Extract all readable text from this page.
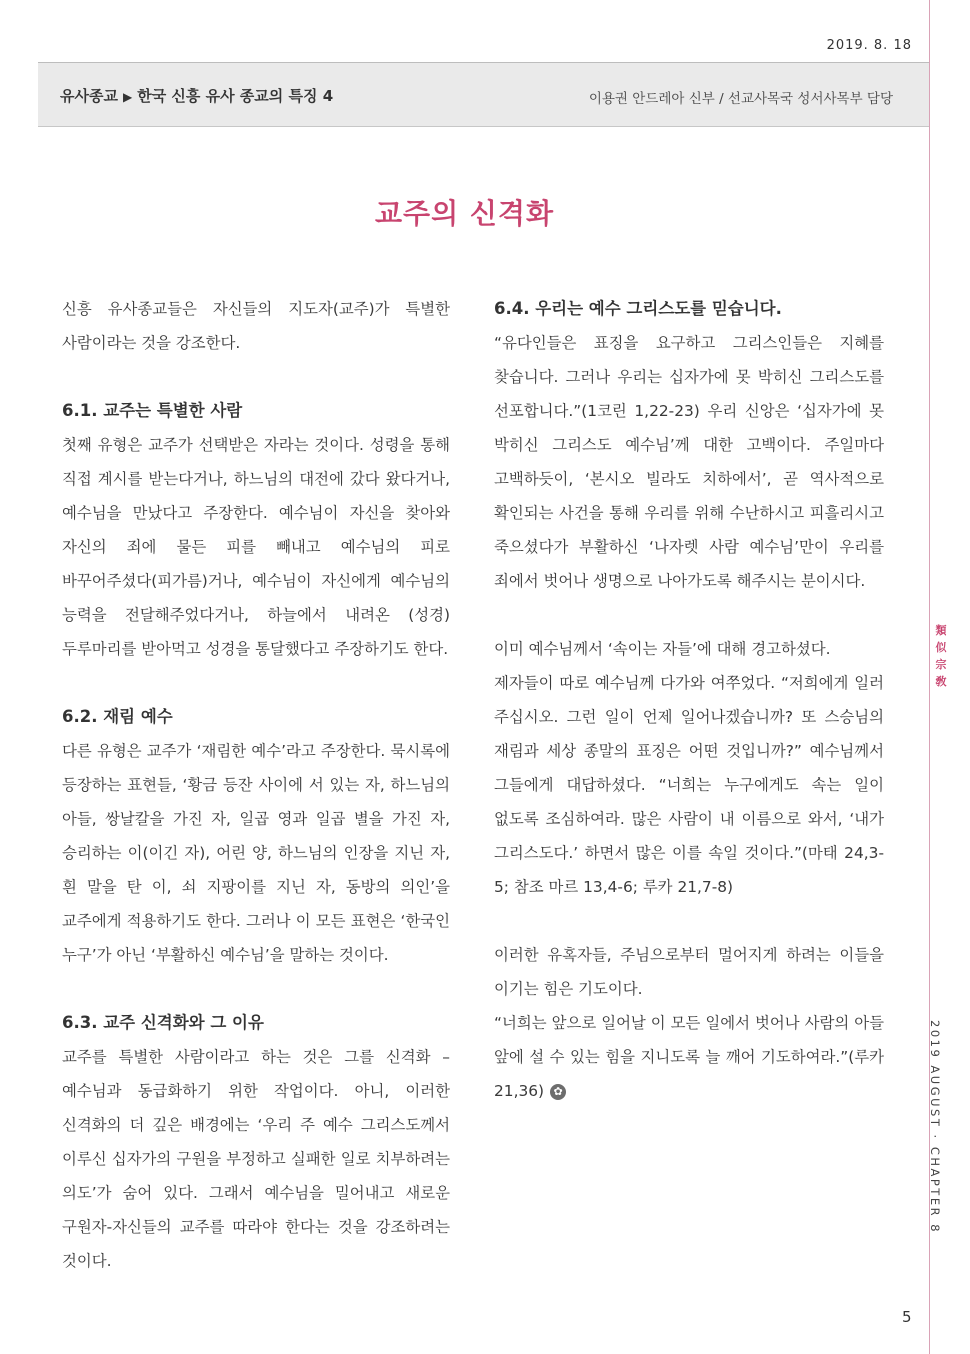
2019. 8. 18
유사종교 ▶ 한국 신흥 유사 종교의 특징 4	이용권 안드레아 신부 / 선교사목국 성서사목부 담당
교주의 신격화

신흥 유사종교들은 자신들의 지도자(교주)가 특별한 사람이라는 것을 강조한다.

6.1. 교주는 특별한 사람

첫째 유형은 교주가 선택받은 자라는 것이다. 성령을 통해 직접 계시를 받는다거나, 하느님의 대전에 갔다 왔다거나, 예수님을 만났다고 주장한다. 예수님이 자신을 찾아와 자신의 죄에 물든 피를 빼내고 예수님의 피로 바꾸어주셨다(피가름)거나, 예수님이 자신에게 예수님의 능력을 전달해주었다거나, 하늘에서 내려온 (성경) 두루마리를 받아먹고 성경을 통달했다고 주장하기도 한다.

6.2. 재림 예수

다른 유형은 교주가 ‘재림한 예수’라고 주장한다. 묵시록에 등장하는 표현들, ‘황금 등잔 사이에 서 있는 자, 하느님의 아들, 쌍날칼을 가진 자, 일곱 영과 일곱 별을 가진 자, 승리하는 이(이긴 자), 어린 양, 하느님의 인장을 지닌 자, 흰 말을 탄 이, 쇠 지팡이를 지닌 자, 동방의 의인’을 교주에게 적용하기도 한다. 그러나 이 모든 표현은 ‘한국인 누구’가 아닌 ‘부활하신 예수님’을 말하는 것이다.

6.3. 교주 신격화와 그 이유

교주를 특별한 사람이라고 하는 것은 그를 신격화 – 예수님과 동급화하기 위한 작업이다. 아니, 이러한 신격화의 더 깊은 배경에는 ‘우리 주 예수 그리스도께서 이루신 십자가의 구원을 부정하고 실패한 일로 치부하려는 의도’가 숨어 있다. 그래서 예수님을 밀어내고 새로운 구원자-자신들의 교주를 따라야 한다는 것을 강조하려는 것이다.

6.4. 우리는 예수 그리스도를 믿습니다.

“유다인들은 표징을 요구하고 그리스인들은 지혜를 찾습니다. 그러나 우리는 십자가에 못 박히신 그리스도를 선포합니다.”(1코린 1,22-23) 우리 신앙은 ‘십자가에 못 박히신 그리스도 예수님’께 대한 고백이다. 주일마다 고백하듯이, ‘본시오 빌라도 치하에서’, 곧 역사적으로 확인되는 사건을 통해 우리를 위해 수난하시고 피흘리시고 죽으셨다가 부활하신 ‘나자렛 사람 예수님’만이 우리를 죄에서 벗어나 생명으로 나아가도록 해주시는 분이시다.

이미 예수님께서 ‘속이는 자들’에 대해 경고하셨다.

제자들이 따로 예수님께 다가와 여쭈었다. “저희에게 일러 주십시오. 그런 일이 언제 일어나겠습니까? 또 스승님의 재림과 세상 종말의 표징은 어떤 것입니까?” 예수님께서 그들에게 대답하셨다. “너희는 누구에게도 속는 일이 없도록 조심하여라. 많은 사람이 내 이름으로 와서, ‘내가 그리스도다.’ 하면서 많은 이를 속일 것이다.”(마태 24,3-5; 참조 마르 13,4-6; 루카 21,7-8)

이러한 유혹자들, 주님으로부터 멀어지게 하려는 이들을 이기는 힘은 기도이다.

“너희는 앞으로 일어날 이 모든 일에서 벗어나 사람의 아들 앞에 설 수 있는 힘을 지니도록 늘 깨어 기도하여라.”(루카 21,36) ✿

類
似
宗
敎
2019 AUGUST · CHAPTER 8
5
